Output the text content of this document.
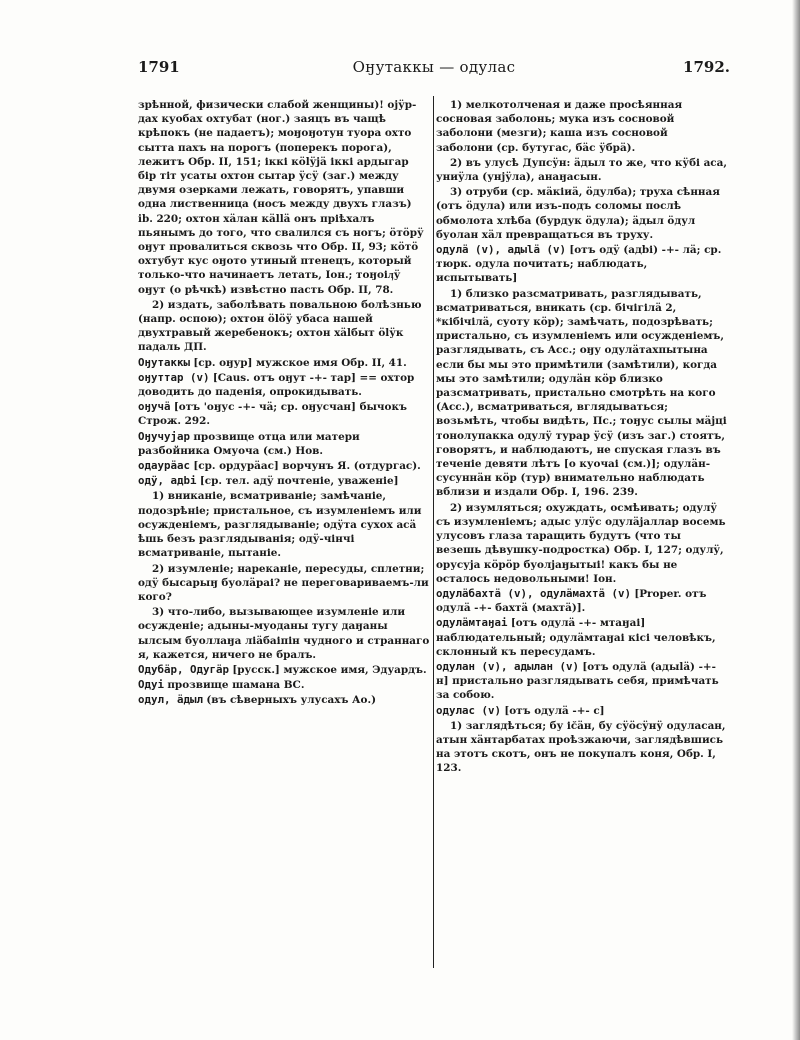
1791	Оӈутаккы — одулас	1792.

зрѣнной, физически слабой женщины)! оjӱр-дах куобах охтубат (ног.) заяцъ въ чащѣ крѣпокъ (не падаетъ); моӈоӈотун туора охто сытта пахъ на порогъ (поперекъ порога), лежитъ Обр. II, 151; іккі кӧlӱjӓ іккі ардыгар бір тіт усаты охтон сытар ӱсӱ (заг.) между двумя озерками лежать, говорятъ, упавши одна лиственница (носъ между двухъ глазъ) ib. 220; охтон хӓлан кӓllӓ онъ пріѣхалъ пьянымъ до того, что свалился съ ногъ; ӧтӧрӱ оӈут провалиться сквозь что Обр. II, 93; кӧтӧ охтубут кус оӈото утиный птенецъ, который только-что начинаетъ летать, Іон.; тоӈоіӆӱ оӈут (о рѣчкѣ) извѣстно пасть Обр. II, 78.

2) издать, заболѣвать повальною болѣзнью (напр. оспою); охтон ӧlӧӱ убаса нашей двухтравый жеребенокъ; охтон хӓlбыт ӧlӱк падаль ДП.

Оӈутаккы [ср. оӈур] мужское имя Обр. II, 41.

оӈуттар (v) [Caus. отъ оӈут -+- тар] == охтор доводить до паденія, опрокидывать.

оӈучӓ [отъ 'оӈус -+- чӓ; ср. оӈусчан] бычокъ Строж. 292.

Оӈучуjар прозвище отца или матери разбойника Омуоча (см.) Нов.

одаурӓас [ср. ордурӓас] ворчунъ Я. (отдургас).

одӱ, адbі [ср. тел. адӱ почтеніе, уваженіе]

1) вниканіе, всматриваніе; замѣчаніе, подозрѣніе; пристальное, съ изумленіемъ или осужденіемъ, разглядываніе; одӱта сухох асӓ ѣшь безъ разглядыванія; одӱ-чінчі всматриваніе, пытаніе.

2) изумленіе; нареканіе, пересуды, сплетни; одӱ бысарыӈ буолӓраі? не переговариваемъ-ли кого?

3) что-либо, вызывающее изумленіе или осужденіе; адыны-муоданы тугу даӈаны ылсым буоллаӈа ліӓбаіпін чудного и страннаго я, кажется, ничего не бралъ.

Одубӓр, Одугӓр [русск.] мужское имя, Эдуардъ.

Одуі прозвище шамана ВС.

одул, ӓдыл (въ сѣверныхъ улусахъ Ао.)

1) мелкотолченая и даже просѣянная сосновая заболонь; мука изъ сосновой заболони (мезги); каша изъ сосновой заболони (ср. бутугас, бӓс ӱбрӓ).

2) въ улусѣ Дупсӱн: ӓдыл то же, что кӱбі аса, униӱла (унjӱла), анаӈасын.

3) отруби (ср. мӓкіиӓ, ӧдулба); труха сѣнная (отъ ӧдула) или изъ-подъ соломы послѣ обмолота хлѣба (бурдук ӧдула); ӓдыл ӧдул буолан хӓл превращаться въ труху.

одулӓ (v), адыlӓ (v) [отъ одӱ (адbі) -+- лӓ; ср. тюрк. одулa почитать; наблюдать, испытывать]

1) близко разсматривать, разглядывать, всматриваться, вникать (ср. бічігілӓ 2, *кібічілӓ, суоту кӧр); замѣчать, подозрѣвать; пристально, съ изумленіемъ или осужденіемъ, разглядывать, съ Acc.; оӈу одулӓтахпытына если бы мы это примѣтили (замѣтили), когда мы это замѣтили; одулӓн кӧр близко разсматривать, пристально смотрѣть на кого (Acc.), всматриваться, вглядываться; возьмѣть, чтобы видѣть, Пс.; тоӈус сылы мӓjці тонолупакка одулӱ турар ӱсӱ (изъ заг.) стоятъ, говорятъ, и наблюдаютъ, не спуская глазъ въ теченіе девяти лѣтъ [о куочаі (см.)]; одулӓн-сусуннӓн кӧр (тур) внимательно наблюдать вблизи и издали Обр. I, 196. 239.

2) изумляться; охуждать, осмѣивать; одулӱ съ изумленіемъ; адыс улӱс одулӓjаллар восемь улусовъ глаза таращить будутъ (что ты везешь дѣвушку-подростка) Обр. I, 127; одулӱ, орусуjа кӧрӧр буолjаӈытыі! какъ бы не осталось недовольными! Іон.

одулӓбахтӓ (v), одулӓмахтӓ (v) [Proper. отъ одулӓ -+- бахтӓ (махтӓ)].

одулӓмтаӈаі [отъ одулӓ -+- мтаӈаі] наблюдательный; одулӓмтаӈаі кісі человѣкъ, склонный къ пересудамъ.

одулан (v), адылан (v) [отъ одулӓ (адыlӓ) -+- н] пристально разглядывать себя, примѣчать за собою.

одулас (v) [отъ одулӓ -+- с]

1) заглядѣться; бу іс̆ӓн, бу сӱӧсӱнӱ одуласан, атын хӓнтарбатах проѣзжаючи, заглядѣвшись на этотъ скотъ, онъ не покупалъ коня, Обр. I, 123.
